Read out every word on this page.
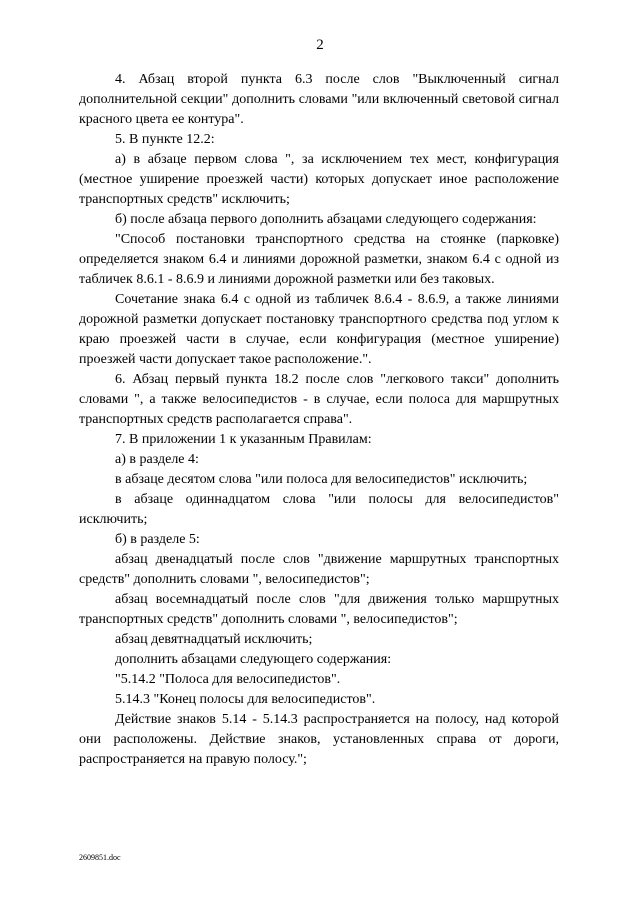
2

4. Абзац второй пункта 6.3 после слов "Выключенный сигнал дополнительной секции" дополнить словами "или включенный световой сигнал красного цвета ее контура".

5. В пункте 12.2:

а) в абзаце первом слова ", за исключением тех мест, конфигурация (местное уширение проезжей части) которых допускает иное расположение транспортных средств" исключить;

б) после абзаца первого дополнить абзацами следующего содержания:

"Способ постановки транспортного средства на стоянке (парковке) определяется знаком 6.4 и линиями дорожной разметки, знаком 6.4 с одной из табличек 8.6.1 - 8.6.9 и линиями дорожной разметки или без таковых.

Сочетание знака 6.4 с одной из табличек 8.6.4 - 8.6.9, а также линиями дорожной разметки допускает постановку транспортного средства под углом к краю проезжей части в случае, если конфигурация (местное уширение) проезжей части допускает такое расположение.".

6. Абзац первый пункта 18.2 после слов "легкового такси" дополнить словами ", а также велосипедистов - в случае, если полоса для маршрутных транспортных средств располагается справа".

7. В приложении 1 к указанным Правилам:

а) в разделе 4:

в абзаце десятом слова "или полоса для велосипедистов" исключить;

в абзаце одиннадцатом слова "или полосы для велосипедистов" исключить;

б) в разделе 5:

абзац двенадцатый после слов "движение маршрутных транспортных средств" дополнить словами ", велосипедистов";

абзац восемнадцатый после слов "для движения только маршрутных транспортных средств" дополнить словами ", велосипедистов";

абзац девятнадцатый исключить;

дополнить абзацами следующего содержания:

"5.14.2 "Полоса для велосипедистов".

5.14.3 "Конец полосы для велосипедистов".

Действие знаков 5.14 - 5.14.3 распространяется на полосу, над которой они расположены. Действие знаков, установленных справа от дороги, распространяется на правую полосу.";

2609851.doc
